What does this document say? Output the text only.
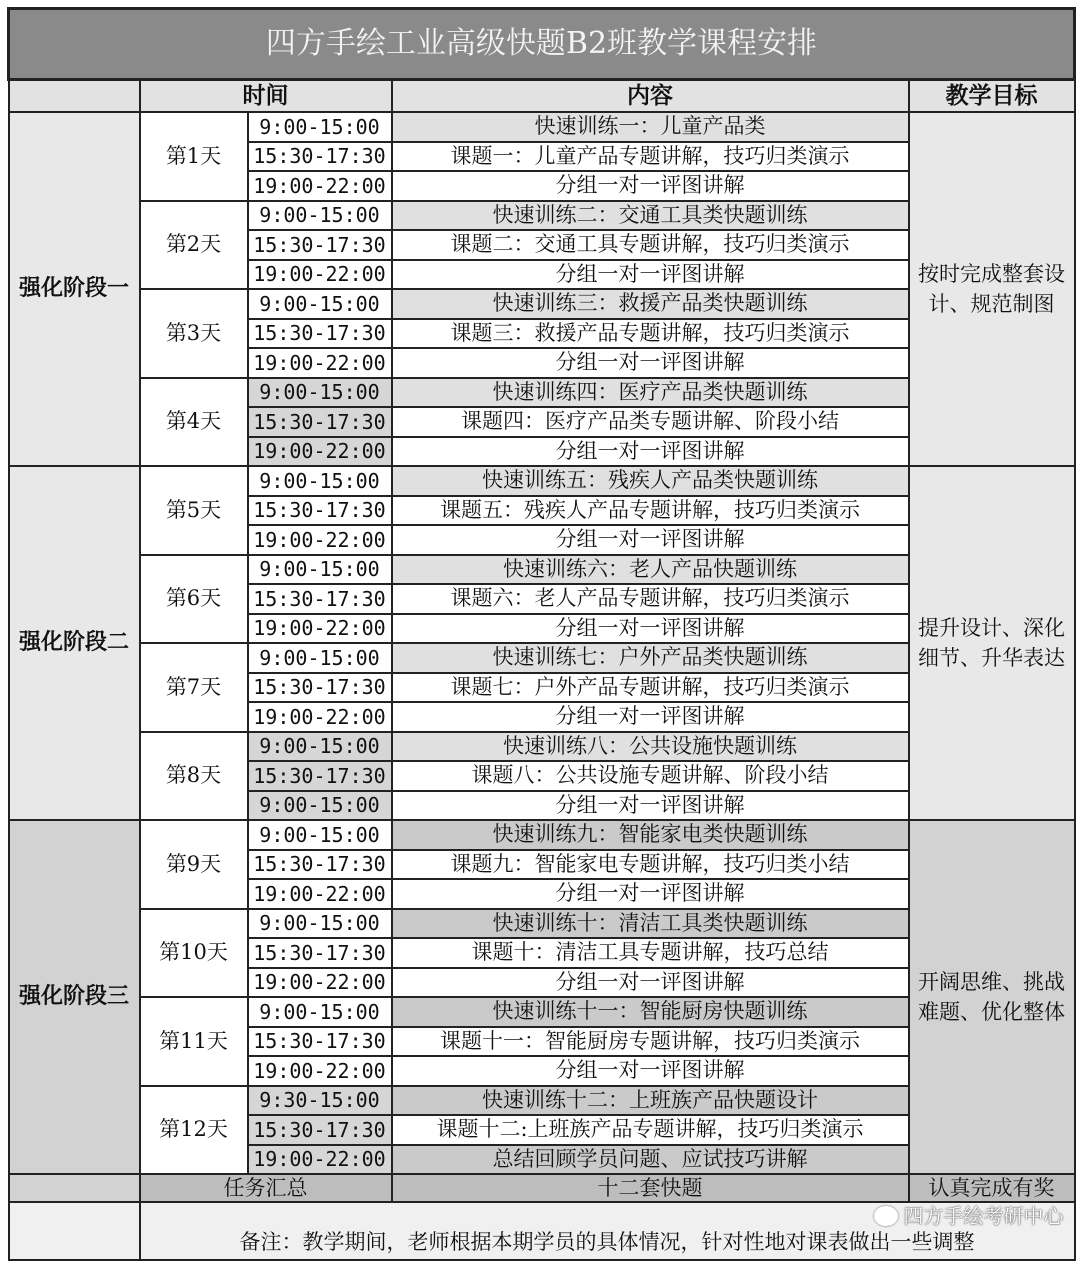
四方手绘工业高级快题B2班教学课程安排				
	时间		内容	教学目标
强化阶段一	第1天	9:00-15:00	快速训练一：儿童产品类	按时完成整套设计、规范制图
		15:30-17:30	课题一：儿童产品专题讲解，技巧归类演示	
		19:00-22:00	分组一对一评图讲解	
	第2天	9:00-15:00	快速训练二：交通工具类快题训练	
		15:30-17:30	课题二：交通工具专题讲解，技巧归类演示	
		19:00-22:00	分组一对一评图讲解	
	第3天	9:00-15:00	快速训练三：救援产品类快题训练	
		15:30-17:30	课题三：救援产品专题讲解，技巧归类演示	
		19:00-22:00	分组一对一评图讲解	
	第4天	9:00-15:00	快速训练四：医疗产品类快题训练	
		15:30-17:30	课题四：医疗产品类专题讲解、阶段小结	
		19:00-22:00	分组一对一评图讲解	
强化阶段二	第5天	9:00-15:00	快速训练五：残疾人产品类快题训练	提升设计、深化细节、升华表达
		15:30-17:30	课题五：残疾人产品专题讲解，技巧归类演示	
		19:00-22:00	分组一对一评图讲解	
	第6天	9:00-15:00	快速训练六：老人产品快题训练	
		15:30-17:30	课题六：老人产品专题讲解，技巧归类演示	
		19:00-22:00	分组一对一评图讲解	
	第7天	9:00-15:00	快速训练七：户外产品类快题训练	
		15:30-17:30	课题七：户外产品专题讲解，技巧归类演示	
		19:00-22:00	分组一对一评图讲解	
	第8天	9:00-15:00	快速训练八：公共设施快题训练	
		15:30-17:30	课题八：公共设施专题讲解、阶段小结	
		9:00-15:00	分组一对一评图讲解	
强化阶段三	第9天	9:00-15:00	快速训练九：智能家电类快题训练	开阔思维、挑战难题、优化整体
		15:30-17:30	课题九：智能家电专题讲解，技巧归类小结	
		19:00-22:00	分组一对一评图讲解	
	第10天	9:00-15:00	快速训练十：清洁工具类快题训练	
		15:30-17:30	课题十：清洁工具专题讲解，技巧总结	
		19:00-22:00	分组一对一评图讲解	
	第11天	9:00-15:00	快速训练十一：智能厨房快题训练	
		15:30-17:30	课题十一：智能厨房专题讲解，技巧归类演示	
		19:00-22:00	分组一对一评图讲解	
	第12天	9:30-15:00	快速训练十二：上班族产品快题设计	
		15:30-17:30	课题十二:上班族产品专题讲解，技巧归类演示	
		19:00-22:00	总结回顾学员问题、应试技巧讲解	
	任务汇总		十二套快题	认真完成有奖
	备注：教学期间，老师根据本期学员的具体情况，针对性地对课表做出一些调整
四方手绘考研中心			
